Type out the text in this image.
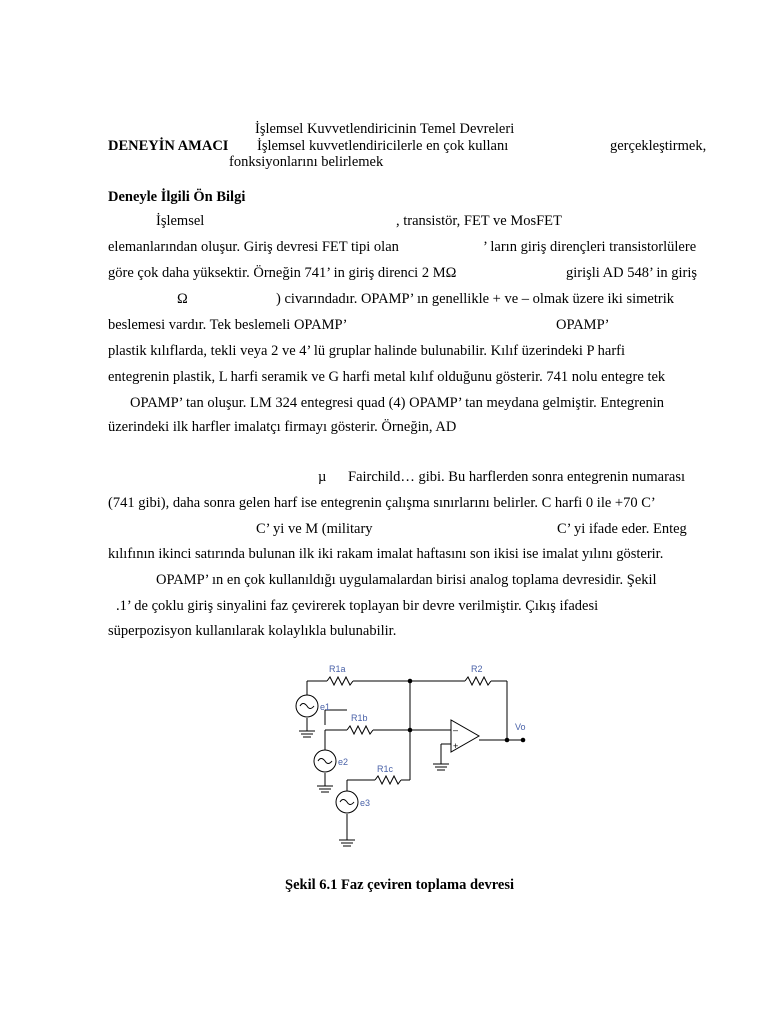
İşlemsel Kuvvetlendiricinin Temel Devreleri
DENEYİN AMACI İşlemsel kuvvetlendiricilerle en çok kullanı	gerçekleştirmek,
fonksiyonlarını belirlemek
Deneyle İlgili Ön Bilgi
İşlemsel	, transistör, FET ve MosFET
elemanlarından oluşur. Giriş devresi FET tipi olan	’ ların giriş dirençleri transistorlülere
göre çok daha yüksektir. Örneğin 741’ in giriş direnci 2 MΩ	girişli AD 548’ in giriş
Ω	) civarındadır. OPAMP’ ın genellikle + ve – olmak üzere iki simetrik
beslemesi vardır. Tek beslemeli OPAMP’	OPAMP’
plastik kılıflarda, tekli veya 2 ve 4’ lü gruplar halinde bulunabilir. Kılıf üzerindeki P harfi
entegrenin plastik, L harfi seramik ve G harfi metal kılıf olduğunu gösterir. 741 nolu entegre tek
OPAMP’ tan oluşur. LM 324 entegresi quad (4) OPAMP’ tan meydana gelmiştir. Entegrenin
üzerindeki ilk harfler imalatçı firmayı gösterir. Örneğin, AD
µ Fairchild… gibi. Bu harflerden sonra entegrenin numarası
(741 gibi), daha sonra gelen harf ise entegrenin çalışma sınırlarını belirler. C harfi 0 ile +70 C’
C’ yi ve M (military	C’ yi ifade eder. Enteg
kılıfının ikinci satırında bulunan ilk iki rakam imalat haftasını son ikisi ise imalat yılını gösterir.
OPAMP’ ın en çok kullanıldığı uygulamalardan birisi analog toplama devresidir. Şekil
.1’ de çoklu giriş sinyalini faz çevirerek toplayan bir devre verilmiştir. Çıkış ifadesi
süperpozisyon kullanılarak kolaylıkla bulunabilir.
–
+
R1a	R2
R1b
R1c
e1
e2
e3
Vo
Şekil 6.1 Faz çeviren toplama devresi
